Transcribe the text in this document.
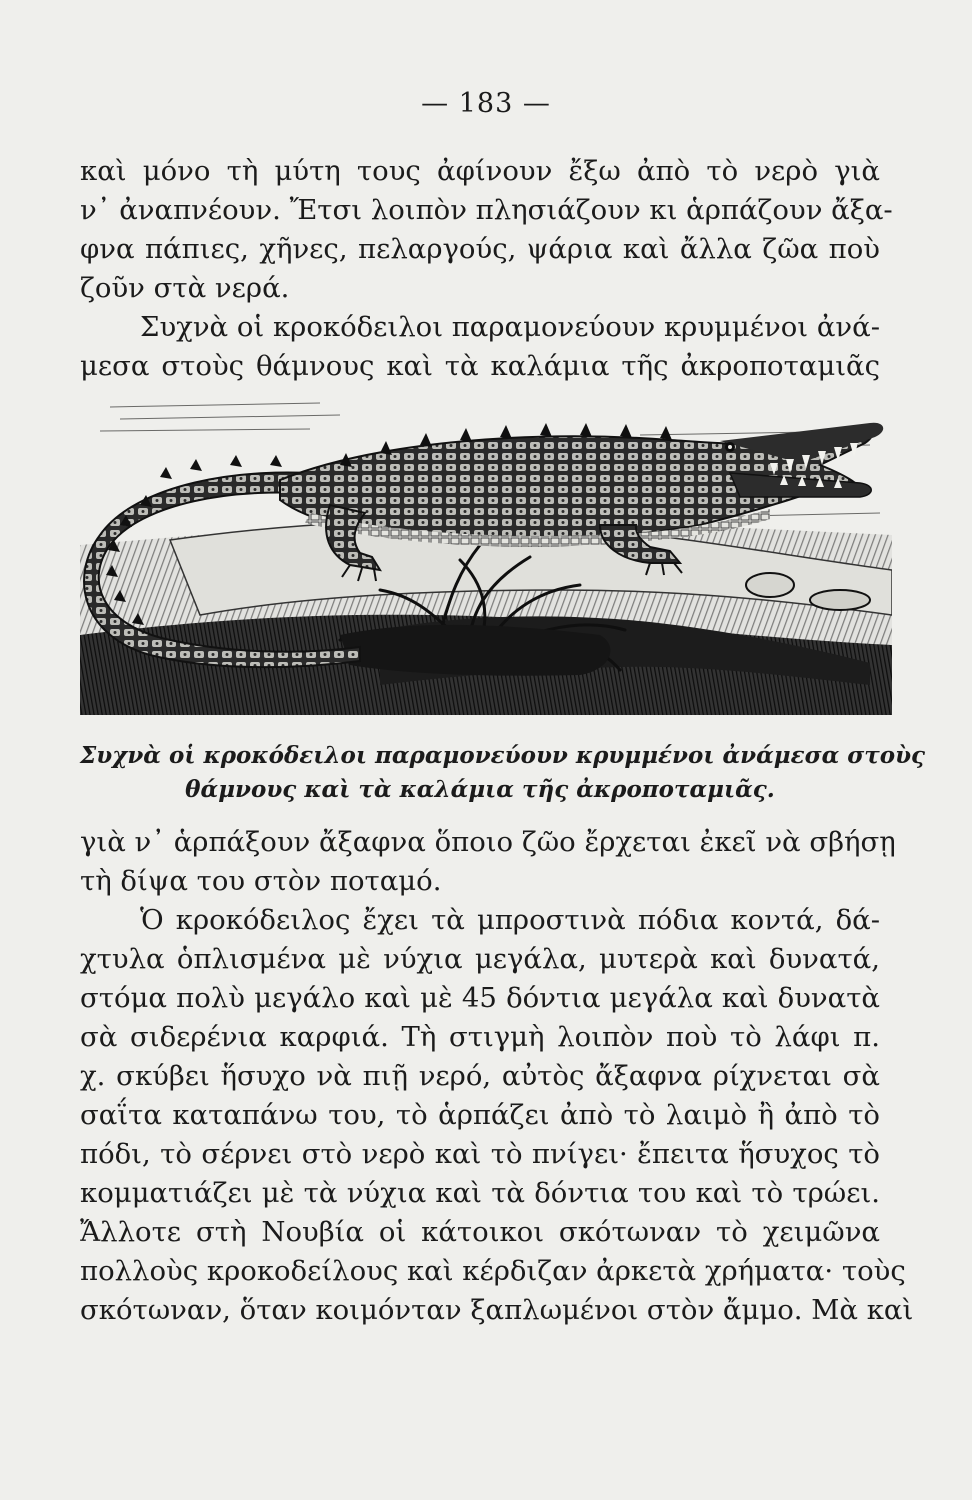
— 183 —
καὶ μόνο τὴ μύτη τους ἀφίνουν ἔξω ἀπὸ τὸ νερὸ γιὰ
ν᾽ ἀναπνέουν. Ἔτσι λοιπὸν πλησιάζουν κι ἁρπάζουν ἄξα-
φνα πάπιες, χῆνες, πελαργούς, ψάρια καὶ ἄλλα ζῶα ποὺ
ζοῦν στὰ νερά.
Συχνὰ οἱ κροκόδειλοι παραμονεύουν κρυμμένοι ἀνά-
μεσα στοὺς θάμνους καὶ τὰ καλάμια τῆς ἀκροποταμιᾶς
Συχνὰ οἱ κροκόδειλοι παραμονεύουν κρυμμένοι ἀνάμεσα στοὺς
θάμνους καὶ τὰ καλάμια τῆς ἀκροποταμιᾶς.
γιὰ ν᾽ ἁρπάξουν ἄξαφνα ὅποιο ζῶο ἔρχεται ἐκεῖ νὰ σβήσῃ
τὴ δίψα του στὸν ποταμό.
Ὁ κροκόδειλος ἔχει τὰ μπροστινὰ πόδια κοντά, δά-
χτυλα ὁπλισμένα μὲ νύχια μεγάλα, μυτερὰ καὶ δυνατά,
στόμα πολὺ μεγάλο καὶ μὲ 45 δόντια μεγάλα καὶ δυνατὰ
σὰ σιδερένια καρφιά. Τὴ στιγμὴ λοιπὸν ποὺ τὸ λάφι π.
χ. σκύβει ἥσυχο νὰ πιῇ νερό, αὐτὸς ἄξαφνα ρίχνεται σὰ
σαΐτα καταπάνω του, τὸ ἁρπάζει ἀπὸ τὸ λαιμὸ ἢ ἀπὸ τὸ
πόδι, τὸ σέρνει στὸ νερὸ καὶ τὸ πνίγει· ἔπειτα ἥσυχος τὸ
κομματιάζει μὲ τὰ νύχια καὶ τὰ δόντια του καὶ τὸ τρώει.
Ἄλλοτε στὴ Νουβία οἱ κάτοικοι σκότωναν τὸ χειμῶνα
πολλοὺς κροκοδείλους καὶ κέρδιζαν ἀρκετὰ χρήματα· τοὺς
σκότωναν, ὅταν κοιμόνταν ξαπλωμένοι στὸν ἄμμο. Μὰ καὶ
